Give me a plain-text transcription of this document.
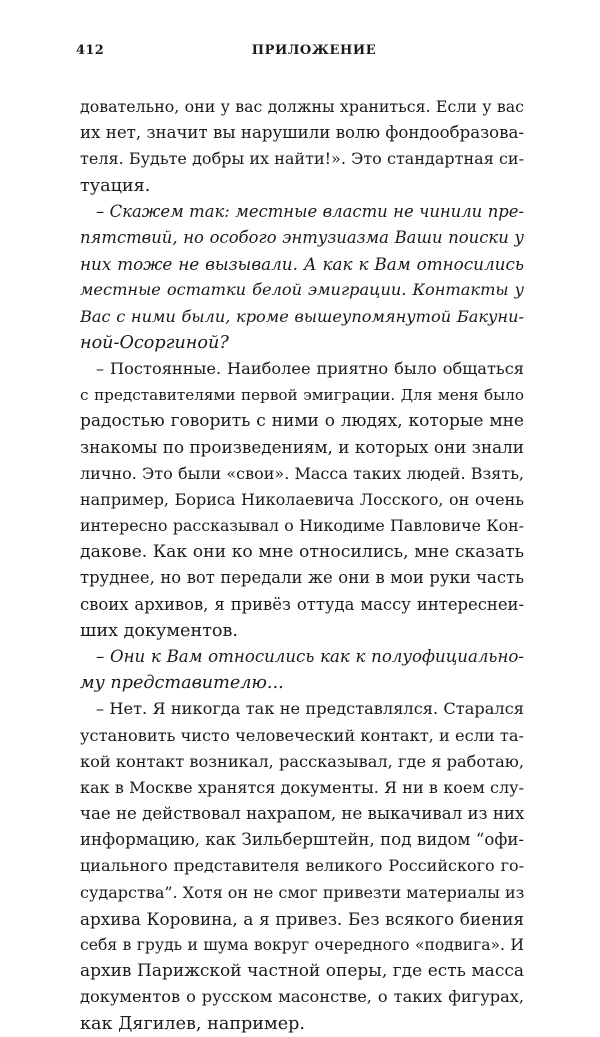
412	ПРИЛОЖЕНИЕ
довательно, они у вас должны храниться. Если у вас
их нет, значит вы нарушили волю фондообразова-
теля. Будьте добры их найти!». Это стандартная си-
туация.
– Скажем так: местные власти не чинили пре-
пятствий, но особого энтузиазма Ваши поиски у
них тоже не вызывали. А как к Вам относились
местные остатки белой эмиграции. Контакты у
Вас с ними были, кроме вышеупомянутой Бакуни-
ной-Осоргиной?
– Постоянные. Наиболее приятно было общаться
с представителями первой эмиграции. Для меня было
радостью говорить с ними о людях, которые мне
знакомы по произведениям, и которых они знали
лично. Это были «свои». Масса таких людей. Взять,
например, Бориса Николаевича Лосского, он очень
интересно рассказывал о Никодиме Павловиче Кон-
дакове. Как они ко мне относились, мне сказать
труднее, но вот передали же они в мои руки часть
своих архивов, я привёз оттуда массу интереснеи-
ших документов.
– Они к Вам относились как к полуофициально-
му представителю...
– Нет. Я никогда так не представлялся. Старался
установить чисто человеческий контакт, и если та-
кой контакт возникал, рассказывал, где я работаю,
как в Москве хранятся документы. Я ни в коем слу-
чае не действовал нахрапом, не выкачивал из них
информацию, как Зильберштейн, под видом “офи-
циального представителя великого Российского го-
сударства”. Хотя он не смог привезти материалы из
архива Коровина, а я привез. Без всякого биения
себя в грудь и шума вокруг очередного «подвига». И
архив Парижской частной оперы, где есть масса
документов о русском масонстве, о таких фигурах,
как Дягилев, например.
